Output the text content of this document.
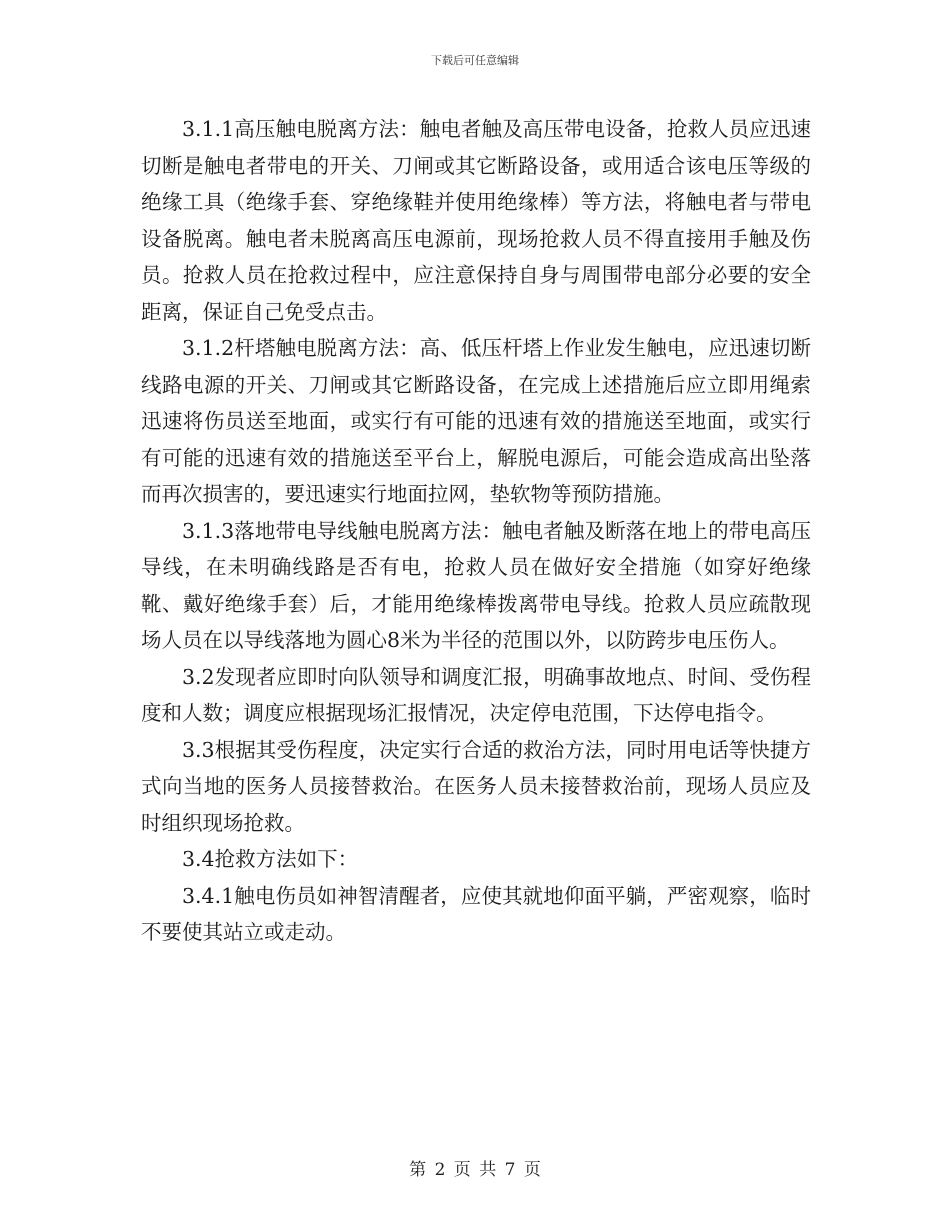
下载后可任意编辑

3.1.1高压触电脱离方法：触电者触及高压带电设备，抢救人员应迅速切断是触电者带电的开关、刀闸或其它断路设备，或用适合该电压等级的绝缘工具（绝缘手套、穿绝缘鞋并使用绝缘棒）等方法，将触电者与带电设备脱离。触电者未脱离高压电源前，现场抢救人员不得直接用手触及伤员。抢救人员在抢救过程中，应注意保持自身与周围带电部分必要的安全距离，保证自己免受点击。

3.1.2杆塔触电脱离方法：高、低压杆塔上作业发生触电，应迅速切断线路电源的开关、刀闸或其它断路设备，在完成上述措施后应立即用绳索迅速将伤员送至地面，或实行有可能的迅速有效的措施送至地面，或实行有可能的迅速有效的措施送至平台上，解脱电源后，可能会造成高出坠落而再次损害的，要迅速实行地面拉网，垫软物等预防措施。

3.1.3落地带电导线触电脱离方法：触电者触及断落在地上的带电高压导线，在未明确线路是否有电，抢救人员在做好安全措施（如穿好绝缘靴、戴好绝缘手套）后，才能用绝缘棒拨离带电导线。抢救人员应疏散现场人员在以导线落地为圆心8米为半径的范围以外，以防跨步电压伤人。

3.2发现者应即时向队领导和调度汇报，明确事故地点、时间、受伤程度和人数；调度应根据现场汇报情况，决定停电范围，下达停电指令。

3.3根据其受伤程度，决定实行合适的救治方法，同时用电话等快捷方式向当地的医务人员接替救治。在医务人员未接替救治前，现场人员应及时组织现场抢救。

3.4抢救方法如下：

3.4.1触电伤员如神智清醒者，应使其就地仰面平躺，严密观察，临时不要使其站立或走动。

第 2 页 共 7 页
